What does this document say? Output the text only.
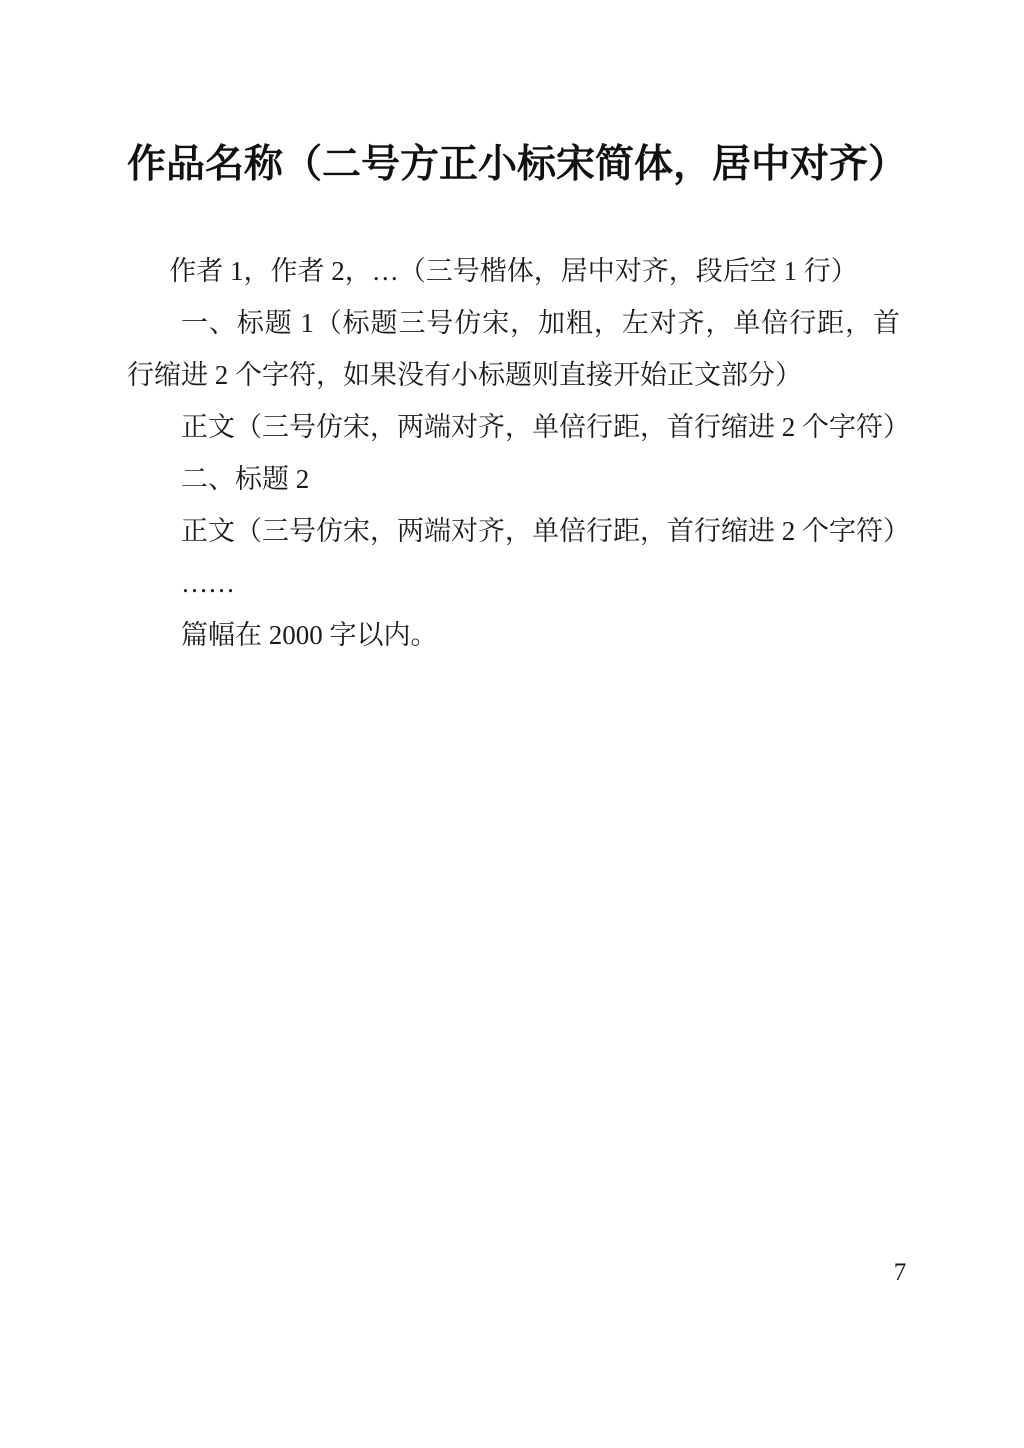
作品名称（二号方正小标宋简体，居中对齐）

作者 1，作者 2，…（三号楷体，居中对齐，段后空 1 行）

一、标题 1（标题三号仿宋，加粗，左对齐，单倍行距，首行缩进 2 个字符，如果没有小标题则直接开始正文部分）

正文（三号仿宋，两端对齐，单倍行距，首行缩进 2 个字符）

二、标题 2

正文（三号仿宋，两端对齐，单倍行距，首行缩进 2 个字符）

……

篇幅在 2000 字以内。

7
